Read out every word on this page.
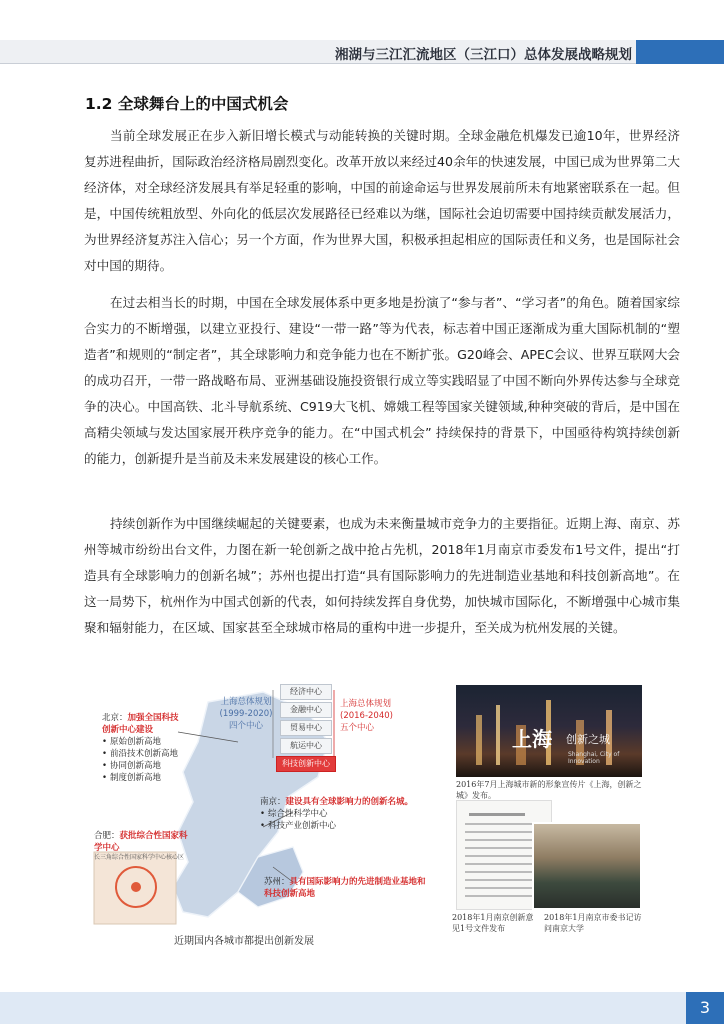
湘湖与三江汇流地区（三江口）总体发展战略规划
1.2 全球舞台上的中国式机会

当前全球发展正在步入新旧增长模式与动能转换的关键时期。全球金融危机爆发已逾10年，世界经济复苏进程曲折，国际政治经济格局剧烈变化。改革开放以来经过40余年的快速发展，中国已成为世界第二大经济体，对全球经济发展具有举足轻重的影响，中国的前途命运与世界发展前所未有地紧密联系在一起。但是，中国传统粗放型、外向化的低层次发展路径已经难以为继，国际社会迫切需要中国持续贡献发展活力，为世界经济复苏注入信心；另一个方面，作为世界大国，积极承担起相应的国际责任和义务，也是国际社会对中国的期待。

在过去相当长的时期，中国在全球发展体系中更多地是扮演了“参与者”、“学习者”的角色。随着国家综合实力的不断增强，以建立亚投行、建设“一带一路”等为代表，标志着中国正逐渐成为重大国际机制的“塑造者”和规则的“制定者”，其全球影响力和竞争能力也在不断扩张。G20峰会、APEC会议、世界互联网大会的成功召开，一带一路战略布局、亚洲基础设施投资银行成立等实践昭显了中国不断向外界传达参与全球竞争的决心。中国高铁、北斗导航系统、C919大飞机、嫦娥工程等国家关键领域,种种突破的背后，是中国在高精尖领域与发达国家展开秩序竞争的能力。在“中国式机会” 持续保持的背景下，中国亟待构筑持续创新的能力，创新提升是当前及未来发展建设的核心工作。

持续创新作为中国继续崛起的关键要素，也成为未来衡量城市竞争力的主要指征。近期上海、南京、苏州等城市纷纷出台文件，力图在新一轮创新之战中抢占先机，2018年1月南京市委发布1号文件，提出“打造具有全球影响力的创新名城”；苏州也提出打造“具有国际影响力的先进制造业基地和科技创新高地”。在这一局势下，杭州作为中国式创新的代表，如何持续发挥自身优势，加快城市国际化，不断增强中心城市集聚和辐射能力，在区域、国家甚至全球城市格局的重构中进一步提升，至关成为杭州发展的关键。

北京：加强全国科技创新中心建设
• 原始创新高地
• 前沿技术创新高地
• 协同创新高地
• 制度创新高地
上海总体规划
(1999-2020)
四个中心
经济中心
金融中心
贸易中心
航运中心
科技创新中心
上海总体规划
(2016-2040)
五个中心
南京：建设具有全球影响力的创新名城。
• 综合性科学中心
• 科技产业创新中心
合肥：获批综合性国家科学中心
长三角综合性国家科学中心核心区
苏州：具有国际影响力的先进制造业基地和科技创新高地
近期国内各城市都提出创新发展
上海 创新之城
Shanghai, City of Innovation
2016年7月上海城市新的形象宣传片《上海，创新之城》发布。
2018年1月南京创新意见1号文件发布
2018年1月南京市委书记访问南京大学
3
